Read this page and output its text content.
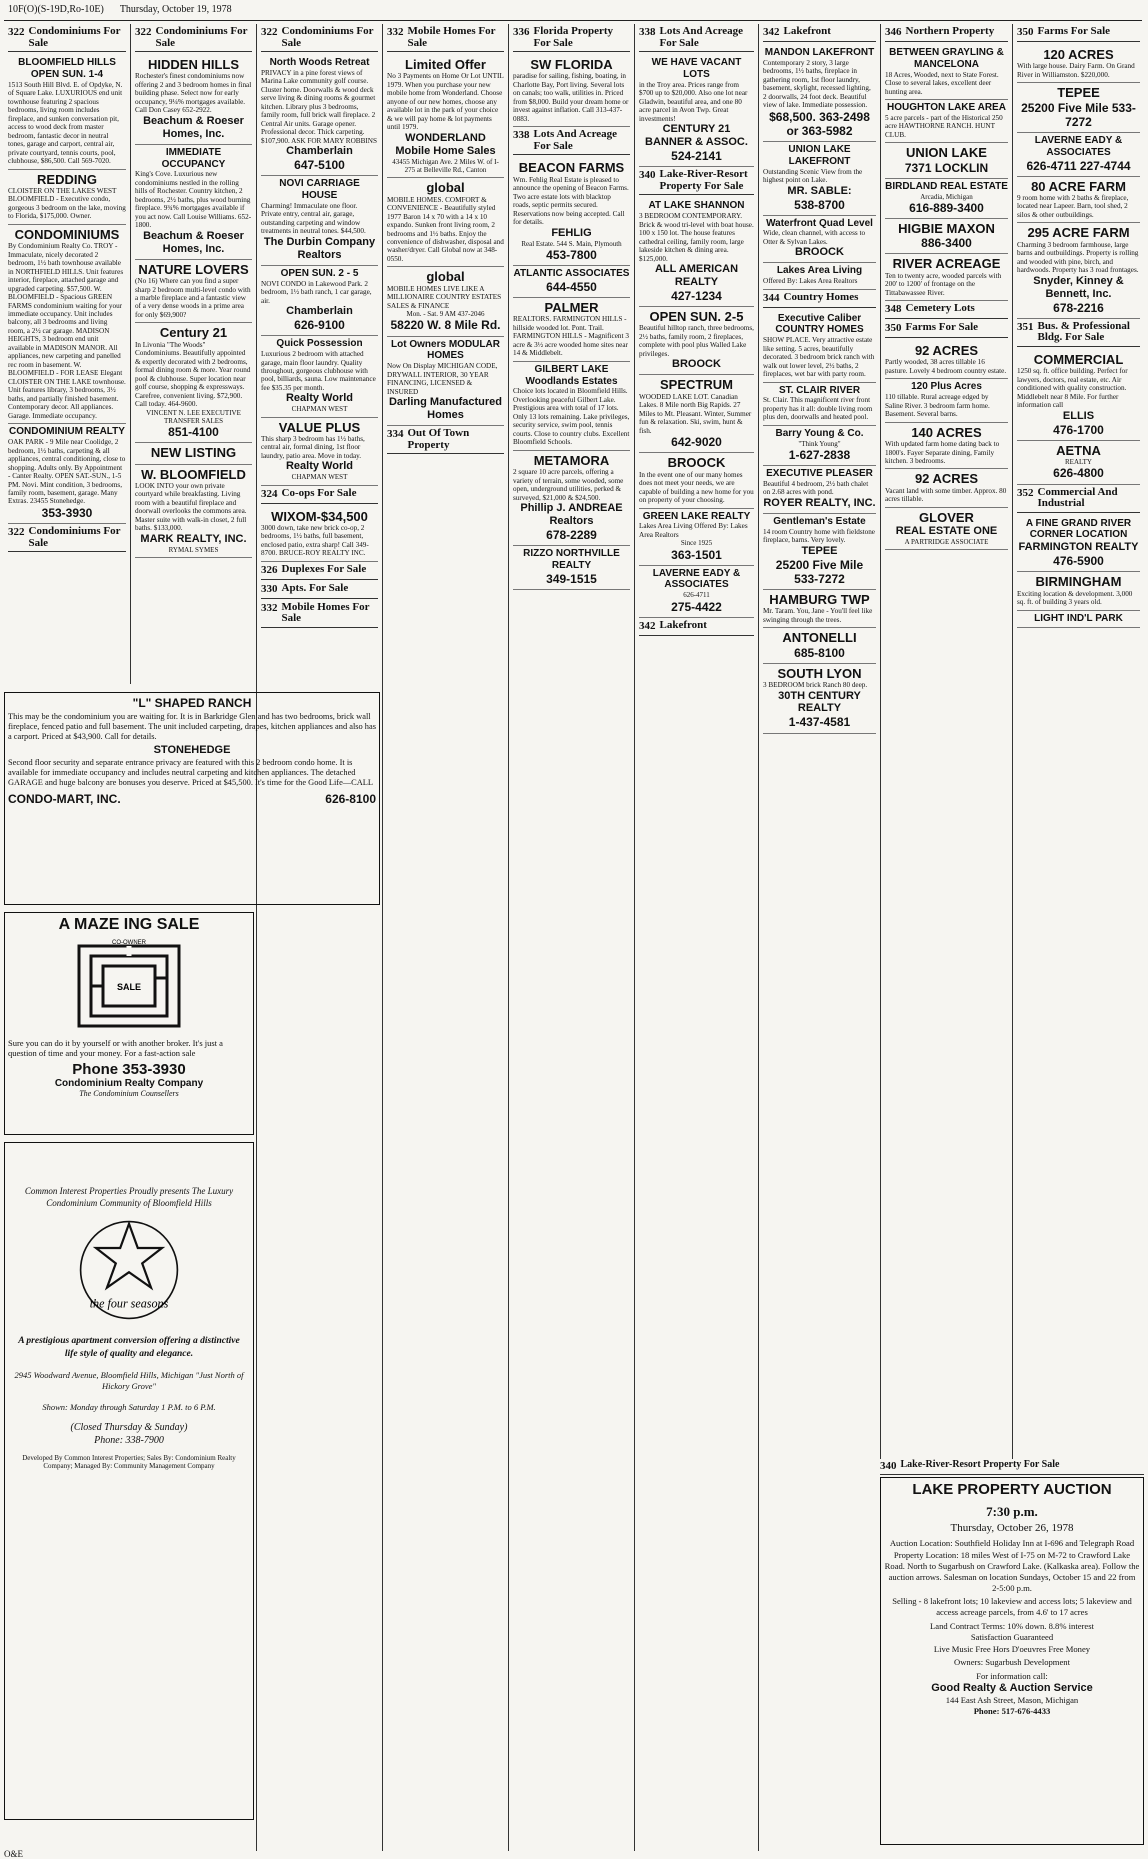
10F(O)(S-19D,Ro-10E) Thursday, October 19, 1978
322 Condominiums For Sale

BLOOMFIELD HILLS OPEN SUN. 1-4

1513 South Hill Blvd. E. of Opdyke, N. of Square Lake. LUXURIOUS end unit townhouse featuring 2 spacious bedrooms, living room includes fireplace, and sunken conversation pit, access to wood deck from master bedroom, fantastic decor in neutral tones, garage and carport, central air, private courtyard, tennis courts, pool, clubhouse, $86,500. Call 569-7020.

REDDING

CLOISTER ON THE LAKES WEST BLOOMFIELD - Executive condo, gorgeous 3 bedroom on the lake, moving to Florida, $175,000. Owner.

CONDOMINIUMS

By Condominium Realty Co. TROY - Immaculate, nicely decorated 2 bedroom, 1½ bath townhouse available in NORTHFIELD HILLS. Unit features interior, fireplace, attached garage and upgraded carpeting. $57,500. W. BLOOMFIELD - Spacious GREEN FARMS condominium waiting for your immediate occupancy. Unit includes balcony, all 3 bedrooms and living room, a 2½ car garage. MADISON HEIGHTS, 3 bedroom end unit available in MADISON MANOR. All appliances, new carpeting and panelled rec room in basement. W. BLOOMFIELD - FOR LEASE Elegant CLOISTER ON THE LAKE townhouse. Unit features library, 3 bedrooms, 3½ baths, and partially finished basement. Contemporary decor. All appliances. Garage. Immediate occupancy.

CONDOMINIUM REALTY

OAK PARK - 9 Mile near Coolidge, 2 bedroom, 1½ baths, carpeting & all appliances, central conditioning, close to shopping. Adults only. By Appointment - Canter Realty. OPEN SAT.-SUN., 1-5 PM. Novi. Mint condition, 3 bedrooms, family room, basement, garage. Many Extras. 23455 Stonehedge.

353-3930

322 Condominiums For Sale
322 Condominiums For Sale

HIDDEN HILLS

Rochester's finest condominiums now offering 2 and 3 bedroom homes in final building phase. Select now for early occupancy, 9¼% mortgages available. Call Don Casey 652-2922.

Beachum & Roeser Homes, Inc.

IMMEDIATE OCCUPANCY

King's Cove. Luxurious new condominiums nestled in the rolling hills of Rochester. Country kitchen, 2 bedrooms, 2½ baths, plus wood burning fireplace. 9¾% mortgages available if you act now. Call Louise Williams. 652-1800.

Beachum & Roeser Homes, Inc.

NATURE LOVERS

(No 16) Where can you find a super sharp 2 bedroom multi-level condo with a marble fireplace and a fantastic view of a very dense woods in a prime area for only $69,900?

Century 21

In Livonia "The Woods" Condominiums. Beautifully appointed & expertly decorated with 2 bedrooms, formal dining room & more. Year round pool & clubhouse. Super location near golf course, shopping & expressways. Carefree, convenient living. $72,900. Call today. 464-9600.

VINCENT N. LEE EXECUTIVE TRANSFER SALES

851-4100

NEW LISTING

W. BLOOMFIELD

LOOK INTO your own private courtyard while breakfasting. Living room with a beautiful fireplace and doorwall overlooks the commons area. Master suite with walk-in closet, 2 full baths. $133,000.

MARK REALTY, INC.

RYMAL SYMES

322 Condominiums For Sale

North Woods Retreat

PRIVACY in a pine forest views of Marina Lake community golf course. Cluster home. Doorwalls & wood deck serve living & dining rooms & gourmet kitchen. Library plus 3 bedrooms, family room, full brick wall fireplace. 2 Central Air units. Garage opener. Professional decor. Thick carpeting. $107,900. ASK FOR MARY ROBBINS

Chamberlain

647-5100

NOVI CARRIAGE HOUSE

Charming! Immaculate one floor. Private entry, central air, garage, outstanding carpeting and window treatments in neutral tones. $44,500.

The Durbin Company Realtors

OPEN SUN. 2 - 5

NOVI CONDO in Lakewood Park. 2 bedroom, 1½ bath ranch, 1 car garage, air.

Chamberlain

626-9100

Quick Possession

Luxurious 2 bedroom with attached garage, main floor laundry. Quality throughout, gorgeous clubhouse with pool, billiards, sauna. Low maintenance fee $35.35 per month.

Realty World

CHAPMAN WEST

VALUE PLUS

This sharp 3 bedroom has 1½ baths, central air, formal dining, 1st floor laundry, patio area. Move in today.

Realty World

CHAPMAN WEST

324 Co-ops For Sale

WIXOM-$34,500

3000 down, take new brick co-op, 2 bedrooms, 1½ baths, full basement, enclosed patio, extra sharp! Call 349-8700. BRUCE-ROY REALTY INC.

326 Duplexes For Sale
330 Apts. For Sale
332 Mobile Homes For Sale
332 Mobile Homes For Sale

Limited Offer

No 3 Payments on Home Or Lot UNTIL 1979. When you purchase your new mobile home from Wonderland. Choose anyone of our new homes, choose any available lot in the park of your choice & we will pay home & lot payments until 1979.

WONDERLAND Mobile Home Sales

43455 Michigan Ave. 2 Miles W. of I-275 at Belleville Rd., Canton

global

MOBILE HOMES. COMFORT & CONVENIENCE - Beautifully styled 1977 Baron 14 x 70 with a 14 x 10 expando. Sunken front living room, 2 bedrooms and 1½ baths. Enjoy the convenience of dishwasher, disposal and washer/dryer. Call Global now at 348-0550.

global

MOBILE HOMES LIVE LIKE A MILLIONAIRE COUNTRY ESTATES SALES & FINANCE

Mon. - Sat. 9 AM 437-2046

58220 W. 8 Mile Rd.

Lot Owners MODULAR HOMES

Now On Display MICHIGAN CODE, DRYWALL INTERIOR, 30 YEAR FINANCING, LICENSED & INSURED

Darling Manufactured Homes

334 Out Of Town Property
336 Florida Property For Sale

SW FLORIDA

paradise for sailing, fishing, boating, in Charlotte Bay, Port living. Several lots on canals; too walk, utilities in. Priced from $8,000. Build your dream home or invest against inflation. Call 313-437-0883.

338 Lots And Acreage For Sale

BEACON FARMS

Wm. Fehlig Real Estate is pleased to announce the opening of Beacon Farms. Two acre estate lots with blacktop roads, septic permits secured. Reservations now being accepted. Call for details.

FEHLIG

Real Estate. 544 S. Main, Plymouth

453-7800

ATLANTIC ASSOCIATES

644-4550

PALMER

REALTORS. FARMINGTON HILLS - hillside wooded lot. Pont. Trail. FARMINGTON HILLS - Magnificent 3 acre & 3½ acre wooded home sites near 14 & Middlebelt.

GILBERT LAKE Woodlands Estates

Choice lots located in Bloomfield Hills. Overlooking peaceful Gilbert Lake. Prestigious area with total of 17 lots. Only 13 lots remaining. Lake privileges, security service, swim pool, tennis courts. Close to country clubs. Excellent Bloomfield Schools.

METAMORA

2 square 10 acre parcels, offering a variety of terrain, some wooded, some open, underground utilities, perked & surveyed, $21,000 & $24,500.

Phillip J. ANDREAE Realtors

678-2289

RIZZO NORTHVILLE REALTY

349-1515

338 Lots And Acreage For Sale

WE HAVE VACANT LOTS

in the Troy area. Prices range from $700 up to $20,000. Also one lot near Gladwin, beautiful area, and one 80 acre parcel in Avon Twp. Great investments!

CENTURY 21 BANNER & ASSOC.

524-2141

340 Lake-River-Resort Property For Sale

AT LAKE SHANNON

3 BEDROOM CONTEMPORARY. Brick & wood tri-level with boat house. 100 x 150 lot. The house features cathedral ceiling, family room, large lakeside kitchen & dining area. $125,000.

ALL AMERICAN REALTY

427-1234

OPEN SUN. 2-5

Beautiful hilltop ranch, three bedrooms, 2½ baths, family room, 2 fireplaces, complete with pool plus Walled Lake privileges.

BROOCK

SPECTRUM

WOODED LAKE LOT. Canadian Lakes. 8 Mile north Big Rapids. 27 Miles to Mt. Pleasant. Winter, Summer fun & relaxation. Ski, swim, hunt & fish.

642-9020

BROOCK

In the event one of our many homes does not meet your needs, we are capable of building a new home for you on property of your choosing.

GREEN LAKE REALTY

Lakes Area Living Offered By: Lakes Area Realtors

Since 1925

363-1501

LAVERNE EADY & ASSOCIATES

626-4711

275-4422

342 Lakefront
342 Lakefront

MANDON LAKEFRONT

Contemporary 2 story, 3 large bedrooms, 1½ baths, fireplace in gathering room, 1st floor laundry, basement, skylight, recessed lighting, 2 doorwalls, 24 foot deck. Beautiful view of lake. Immediate possession.

$68,500. 363-2498 or 363-5982

UNION LAKE LAKEFRONT

Outstanding Scenic View from the highest point on Lake.

MR. SABLE:

538-8700

Waterfront Quad Level

Wide, clean channel, with access to Otter & Sylvan Lakes.

BROOCK

Lakes Area Living

Offered By: Lakes Area Realtors

344 Country Homes

Executive Caliber COUNTRY HOMES

SHOW PLACE. Very attractive estate like setting. 5 acres, beautifully decorated. 3 bedroom brick ranch with walk out lower level, 2½ baths, 2 fireplaces, wet bar with party room.

ST. CLAIR RIVER

St. Clair. This magnificent river front property has it all: double living room plus den, doorwalls and heated pool.

Barry Young & Co.

"Think Young"

1-627-2838

EXECUTIVE PLEASER

Beautiful 4 bedroom, 2½ bath chalet on 2.68 acres with pond.

ROYER REALTY, INC.

Gentleman's Estate

14 room Country home with fieldstone fireplace, barns. Very lovely.

TEPEE

25200 Five Mile 533-7272

HAMBURG TWP

Mr. Taram. You, Jane - You'll feel like swinging through the trees.

ANTONELLI

685-8100

SOUTH LYON

3 BEDROOM brick Ranch 80 deep.

30TH CENTURY REALTY

1-437-4581

346 Northern Property

BETWEEN GRAYLING & MANCELONA

18 Acres, Wooded, next to State Forest. Close to several lakes, excellent deer hunting area.

HOUGHTON LAKE AREA

5 acre parcels - part of the Historical 250 acre HAWTHORNE RANCH. HUNT CLUB.

UNION LAKE

7371 LOCKLIN

BIRDLAND REAL ESTATE

Arcadia, Michigan

616-889-3400

HIGBIE MAXON

886-3400

RIVER ACREAGE

Ten to twenty acre, wooded parcels with 200' to 1200' of frontage on the Tittabawassee River.

348 Cemetery Lots
350 Farms For Sale

92 ACRES

Partly wooded, 38 acres tillable 16 pasture. Lovely 4 bedroom country estate.

120 Plus Acres

110 tillable. Rural acreage edged by Saline River. 3 bedroom farm home. Basement. Several barns.

140 ACRES

With updated farm home dating back to 1800's. Fayer Separate dining, Family kitchen. 3 bedrooms.

92 ACRES

Vacant land with some timber. Approx. 80 acres tillable.

GLOVER

REAL ESTATE ONE

A PARTRIDGE ASSOCIATE

350 Farms For Sale

120 ACRES

With large house. Dairy Farm. On Grand River in Williamston. $220,000.

TEPEE

25200 Five Mile 533-7272

LAVERNE EADY & ASSOCIATES

626-4711 227-4744

80 ACRE FARM

9 room home with 2 baths & fireplace, located near Lapeer. Barn, tool shed, 2 silos & other outbuildings.

295 ACRE FARM

Charming 3 bedroom farmhouse, large barns and outbuildings. Property is rolling and wooded with pine, birch, and hardwoods. Property has 3 road frontages.

Snyder, Kinney & Bennett, Inc.

678-2216

351 Bus. & Professional Bldg. For Sale

COMMERCIAL

1250 sq. ft. office building. Perfect for lawyers, doctors, real estate, etc. Air conditioned with quality construction. Middlebelt near 8 Mile. For further information call

ELLIS

476-1700

AETNA

REALTY

626-4800

352 Commercial And Industrial

A FINE GRAND RIVER CORNER LOCATION

FARMINGTON REALTY

476-5900

BIRMINGHAM

Exciting location & development. 3,000 sq. ft. of building 3 years old.

LIGHT IND'L PARK

"L" SHAPED RANCH

This may be the condominium you are waiting for. It is in Barkridge Glen and has two bedrooms, brick wall fireplace, fenced patio and full basement. The unit included carpeting, drapes, kitchen appliances and also has a carport. Priced at $43,900. Call for details.

STONEHEDGE

Second floor security and separate entrance privacy are featured with this 2 bedroom condo home. It is available for immediate occupancy and includes neutral carpeting and kitchen appliances. The detached GARAGE and huge balcony are bonuses you deserve. Priced at $45,500. It's time for the Good Life—CALL

CONDO-MART, INC.	626-8100
A MAZE ING SALE
SALE
CO-OWNER

Sure you can do it by yourself or with another broker. It's just a question of time and your money. For a fast-action sale

Phone 353-3930
Condominium Realty Company
The Condominium Counsellers

Common Interest Properties Proudly presents The Luxury Condominium Community of Bloomfield Hills

the four seasons

A prestigious apartment conversion offering a distinctive life style of quality and elegance.

2945 Woodward Avenue, Bloomfield Hills, Michigan "Just North of Hickory Grove"

Shown: Monday through Saturday 1 P.M. to 6 P.M.

(Closed Thursday & Sunday)

Phone: 338-7900

Developed By Common Interest Properties; Sales By: Condominium Realty Company; Managed By: Community Management Company	340 Lake-River-Resort Property For Sale
LAKE PROPERTY AUCTION
7:30 p.m.
Thursday, October 26, 1978
Auction Location: Southfield Holiday Inn at I-696 and Telegraph Road
Property Location: 18 miles West of I-75 on M-72 to Crawford Lake Road. North to Sugarbush on Crawford Lake. (Kalkaska area). Follow the auction arrows. Salesman on location Sundays, October 15 and 22 from 2-5:00 p.m.
Selling - 8 lakefront lots; 10 lakeview and access lots; 5 lakeview and access acreage parcels, from 4.6' to 17 acres
Land Contract Terms: 10% down. 8.8% interest
Satisfaction Guaranteed
Live Music Free Hors D'oeuvres Free Money
Owners: Sugarbush Development
For information call:
Good Realty & Auction Service
144 East Ash Street, Mason, Michigan
Phone: 517-676-4433
O&E
